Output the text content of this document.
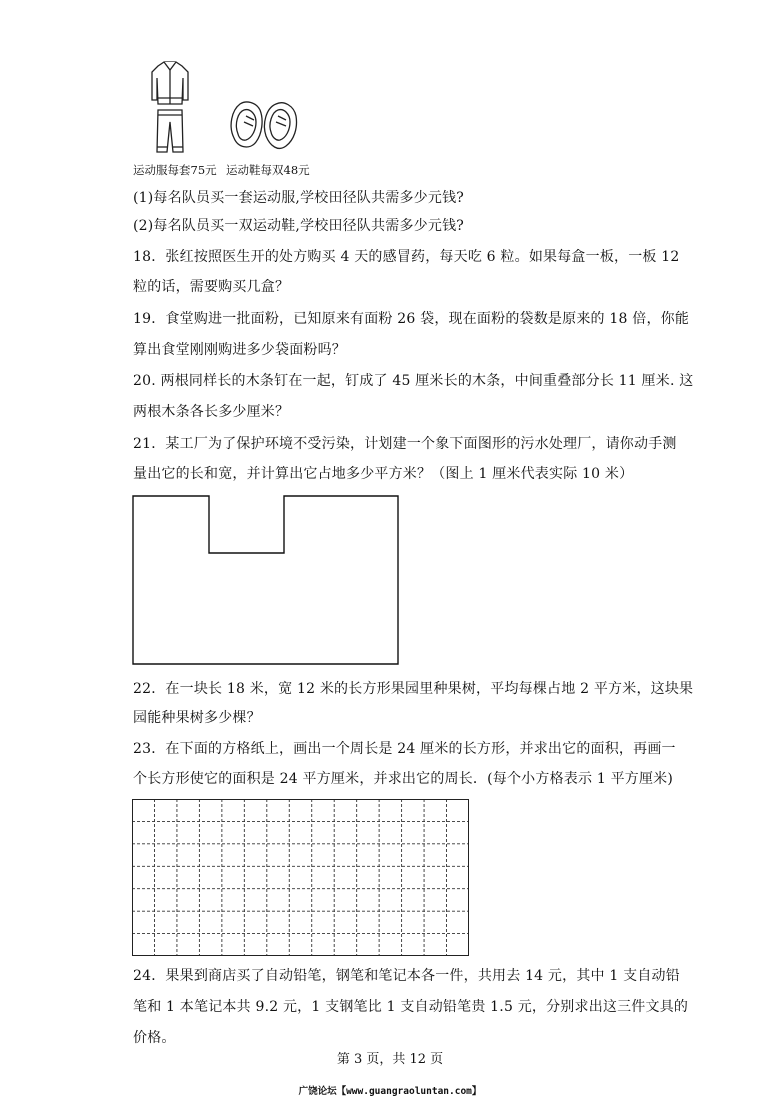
运动服每套75元 运动鞋每双48元
(1)每名队员买一套运动服,学校田径队共需多少元钱?
(2)每名队员买一双运动鞋,学校田径队共需多少元钱?
18．张红按照医生开的处方购买 4 天的感冒药，每天吃 6 粒。如果每盒一板，一板 12
粒的话，需要购买几盒？
19．食堂购进一批面粉，已知原来有面粉 26 袋，现在面粉的袋数是原来的 18 倍，你能
算出食堂刚刚购进多少袋面粉吗？
20. 两根同样长的木条钉在一起，钉成了 45 厘米长的木条，中间重叠部分长 11 厘米. 这
两根木条各长多少厘米？
21．某工厂为了保护环境不受污染，计划建一个象下面图形的污水处理厂，请你动手测
量出它的长和宽，并计算出它占地多少平方米？（图上 1 厘米代表实际 10 米）
22．在一块长 18 米，宽 12 米的长方形果园里种果树，平均每棵占地 2 平方米，这块果
园能种果树多少棵？
23．在下面的方格纸上，画出一个周长是 24 厘米的长方形，并求出它的面积，再画一
个长方形使它的面积是 24 平方厘米，并求出它的周长．(每个小方格表示 1 平方厘米)
24．果果到商店买了自动铅笔，钢笔和笔记本各一件，共用去 14 元，其中 1 支自动铅
笔和 1 本笔记本共 9.2 元，1 支钢笔比 1 支自动铅笔贵 1.5 元，分别求出这三件文具的
价格。
第 3 页，共 12 页
广饶论坛【www.guangraoluntan.com】
